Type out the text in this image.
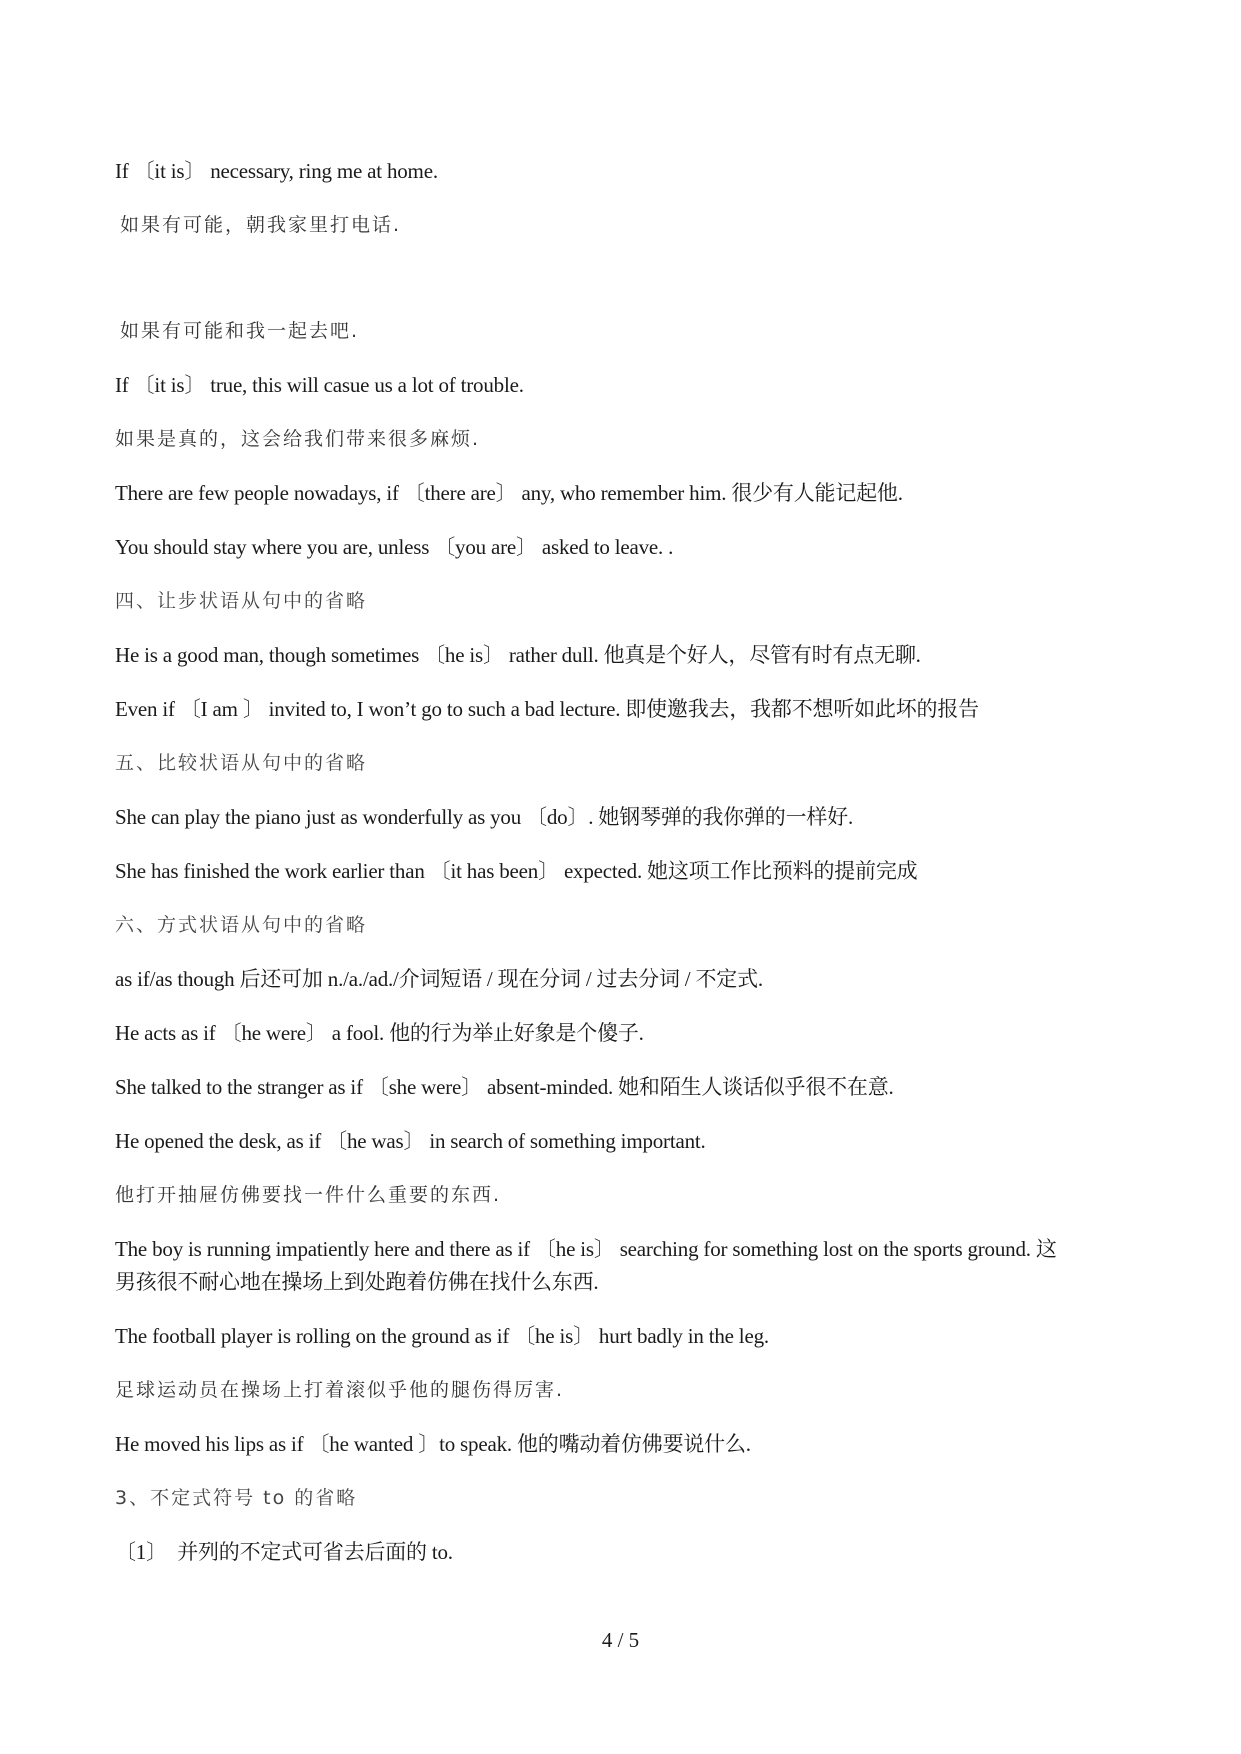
If 〔it is〕 necessary, ring me at home.
如果有可能，朝我家里打电话.
如果有可能和我一起去吧.
If 〔it is〕 true, this will casue us a lot of trouble.
如果是真的，这会给我们带来很多麻烦.
There are few people nowadays, if 〔there are〕 any, who remember him. 很少有人能记起他.
You should stay where you are, unless 〔you are〕 asked to leave. .
四、让步状语从句中的省略
He is a good man, though sometimes 〔he is〕 rather dull. 他真是个好人，尽管有时有点无聊.
Even if 〔I am 〕 invited to, I won’t go to such a bad lecture. 即使邀我去，我都不想听如此坏的报告
五、比较状语从句中的省略
She can play the piano just as wonderfully as you 〔do〕. 她钢琴弹的我你弹的一样好.
She has finished the work earlier than 〔it has been〕 expected. 她这项工作比预料的提前完成
六、方式状语从句中的省略
as if/as though 后还可加 n./a./ad./介词短语 / 现在分词 / 过去分词 / 不定式.
He acts as if 〔he were〕 a fool. 他的行为举止好象是个傻子.
She talked to the stranger as if 〔she were〕 absent-minded. 她和陌生人谈话似乎很不在意.
He opened the desk, as if 〔he was〕 in search of something important.
他打开抽屉仿佛要找一件什么重要的东西.
The boy is running impatiently here and there as if 〔he is〕 searching for something lost on the sports ground. 这
男孩很不耐心地在操场上到处跑着仿佛在找什么东西.
The football player is rolling on the ground as if 〔he is〕 hurt badly in the leg.
足球运动员在操场上打着滚似乎他的腿伤得厉害.
He moved his lips as if 〔he wanted 〕to speak. 他的嘴动着仿佛要说什么.
3、不定式符号 to 的省略
〔1〕　并列的不定式可省去后面的 to.
4 / 5
